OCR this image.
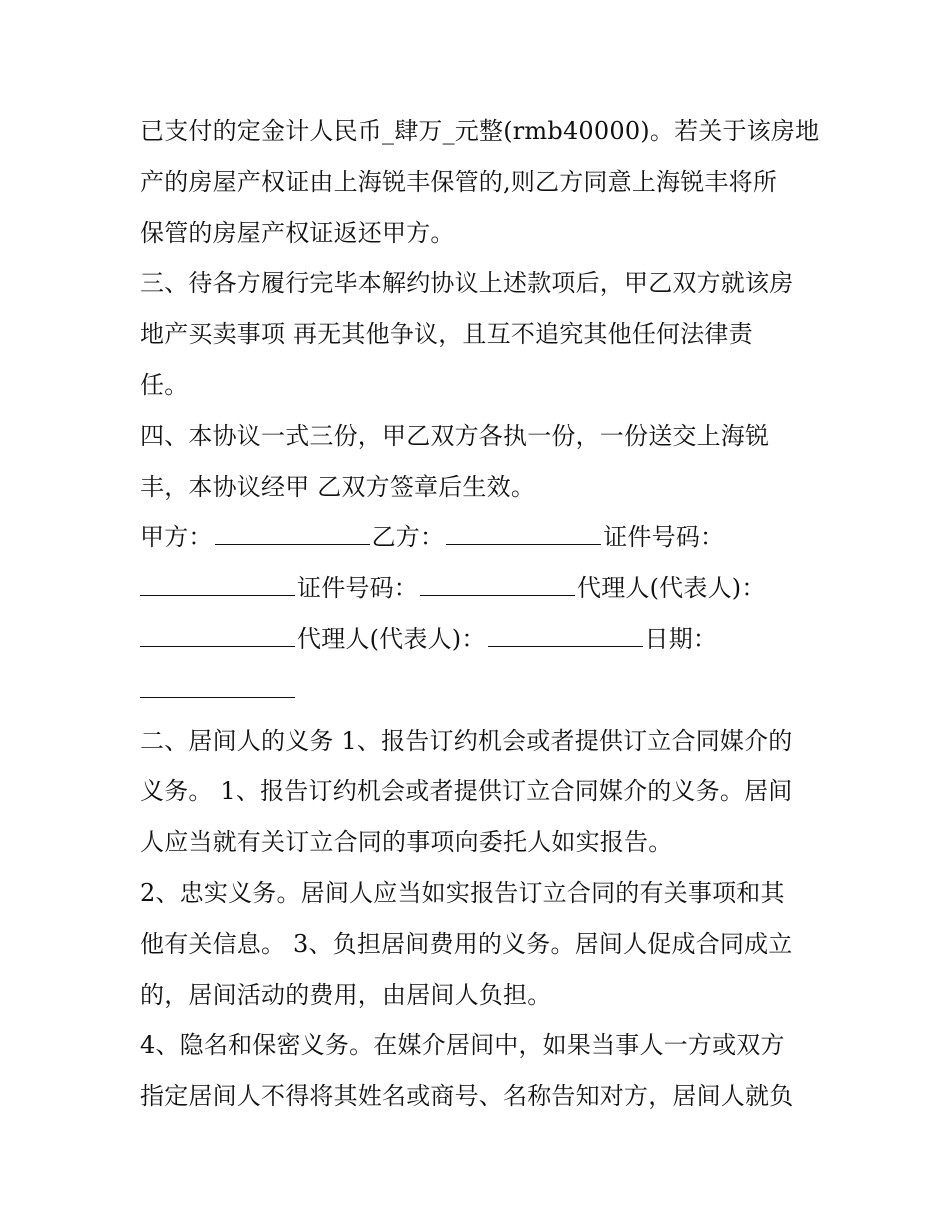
已支付的定金计人民币_肆万_元整(rmb40000)。若关于该房地
产的房屋产权证由上海锐丰保管的,则乙方同意上海锐丰将所
保管的房屋产权证返还甲方。
三、待各方履行完毕本解约协议上述款项后，甲乙双方就该房
地产买卖事项 再无其他争议，且互不追究其他任何法律责
任。
四、本协议一式三份，甲乙双方各执一份，一份送交上海锐
丰，本协议经甲 乙双方签章后生效。
甲方：	乙方：	证件号码：
证件号码：	代理人(代表人)：
代理人(代表人)：	日期：
二、居间人的义务 1、报告订约机会或者提供订立合同媒介的
义务。 1、报告订约机会或者提供订立合同媒介的义务。居间
人应当就有关订立合同的事项向委托人如实报告。
2、忠实义务。居间人应当如实报告订立合同的有关事项和其
他有关信息。 3、负担居间费用的义务。居间人促成合同成立
的，居间活动的费用，由居间人负担。
4、隐名和保密义务。在媒介居间中，如果当事人一方或双方
指定居间人不得将其姓名或商号、名称告知对方，居间人就负
